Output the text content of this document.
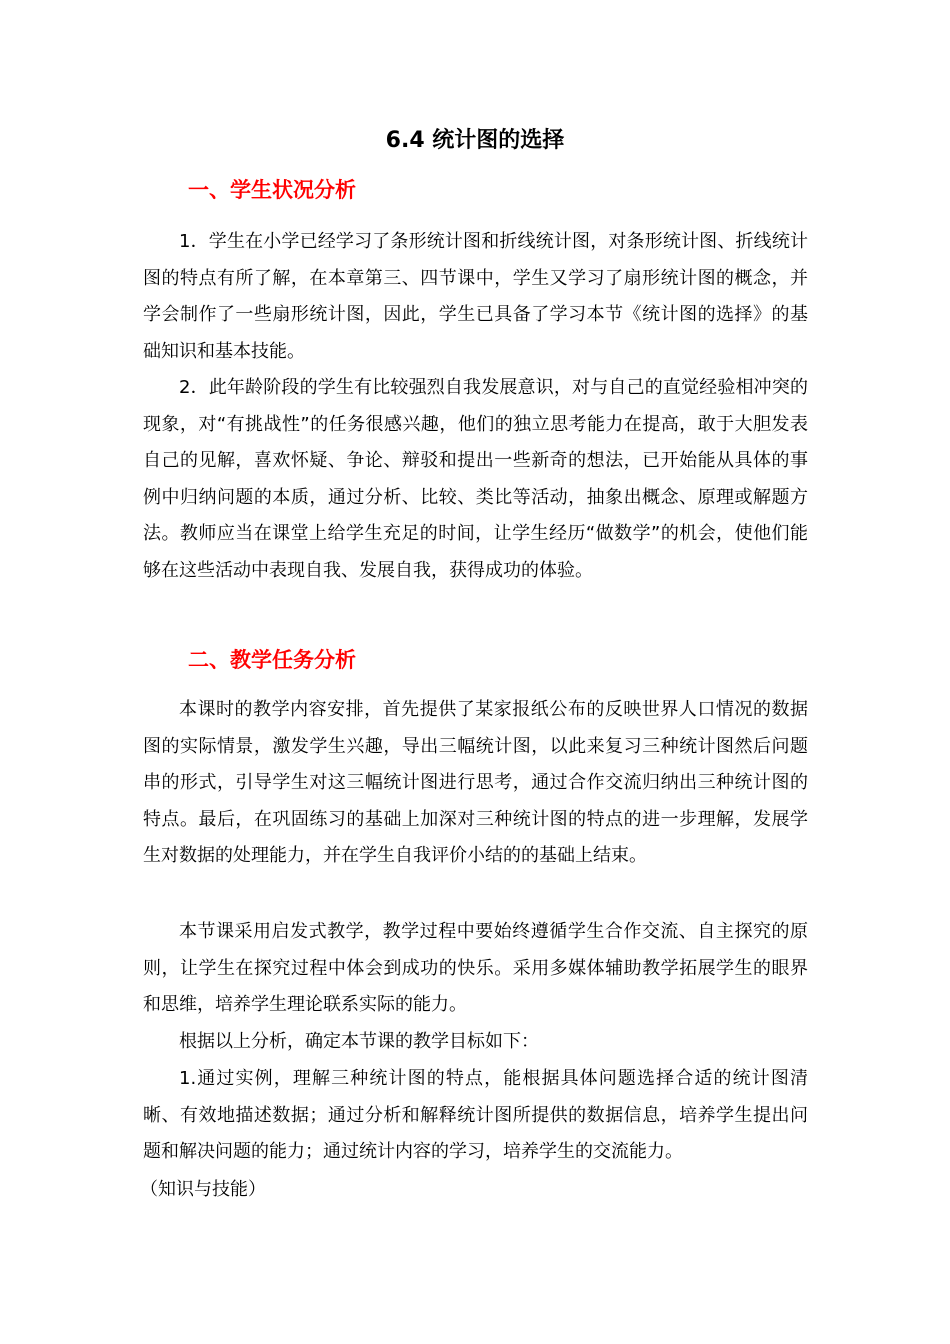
6.4 统计图的选择
一、学生状况分析

1．学生在小学已经学习了条形统计图和折线统计图，对条形统计图、折线统计图的特点有所了解，在本章第三、四节课中，学生又学习了扇形统计图的概念，并学会制作了一些扇形统计图，因此，学生已具备了学习本节《统计图的选择》的基础知识和基本技能。

2．此年龄阶段的学生有比较强烈自我发展意识，对与自己的直觉经验相冲突的现象，对“有挑战性”的任务很感兴趣，他们的独立思考能力在提高，敢于大胆发表自己的见解，喜欢怀疑、争论、辩驳和提出一些新奇的想法，已开始能从具体的事例中归纳问题的本质，通过分析、比较、类比等活动，抽象出概念、原理或解题方法。教师应当在课堂上给学生充足的时间，让学生经历“做数学”的机会，使他们能够在这些活动中表现自我、发展自我，获得成功的体验。

二、教学任务分析

本课时的教学内容安排，首先提供了某家报纸公布的反映世界人口情况的数据图的实际情景，激发学生兴趣，导出三幅统计图，以此来复习三种统计图然后问题串的形式，引导学生对这三幅统计图进行思考，通过合作交流归纳出三种统计图的特点。最后，在巩固练习的基础上加深对三种统计图的特点的进一步理解，发展学生对数据的处理能力，并在学生自我评价小结的的基础上结束。

本节课采用启发式教学，教学过程中要始终遵循学生合作交流、自主探究的原则，让学生在探究过程中体会到成功的快乐。采用多媒体辅助教学拓展学生的眼界和思维，培养学生理论联系实际的能力。

根据以上分析，确定本节课的教学目标如下：

1.通过实例，理解三种统计图的特点，能根据具体问题选择合适的统计图清晰、有效地描述数据；通过分析和解释统计图所提供的数据信息，培养学生提出问题和解决问题的能力；通过统计内容的学习，培养学生的交流能力。

（知识与技能）
